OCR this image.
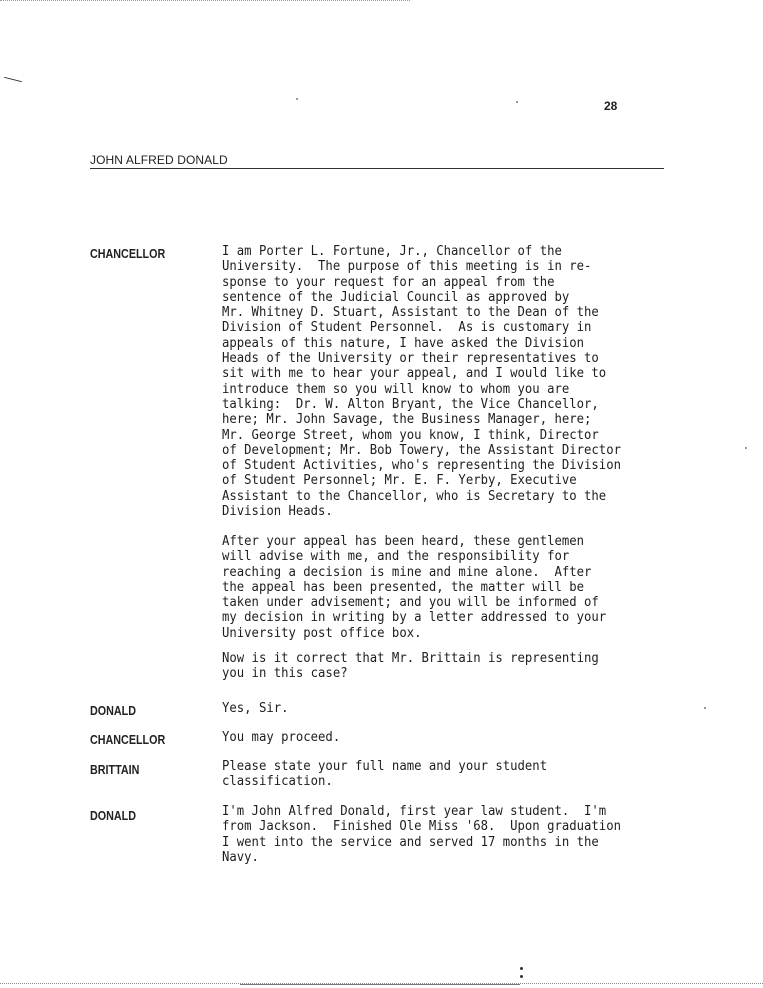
28
JOHN ALFRED DONALD
CHANCELLOR	I am Porter L. Fortune, Jr., Chancellor of the
University.  The purpose of this meeting is in re-
sponse to your request for an appeal from the
sentence of the Judicial Council as approved by
Mr. Whitney D. Stuart, Assistant to the Dean of the
Division of Student Personnel.  As is customary in
appeals of this nature, I have asked the Division
Heads of the University or their representatives to
sit with me to hear your appeal, and I would like to
introduce them so you will know to whom you are
talking:  Dr. W. Alton Bryant, the Vice Chancellor,
here; Mr. John Savage, the Business Manager, here;
Mr. George Street, whom you know, I think, Director
of Development; Mr. Bob Towery, the Assistant Director
of Student Activities, who's representing the Division
of Student Personnel; Mr. E. F. Yerby, Executive
Assistant to the Chancellor, who is Secretary to the
Division Heads.
After your appeal has been heard, these gentlemen
will advise with me, and the responsibility for
reaching a decision is mine and mine alone.  After
the appeal has been presented, the matter will be
taken under advisement; and you will be informed of
my decision in writing by a letter addressed to your
University post office box.
Now is it correct that Mr. Brittain is representing
you in this case?
DONALD	Yes, Sir.
CHANCELLOR	You may proceed.
BRITTAIN	Please state your full name and your student
classification.
DONALD	I'm John Alfred Donald, first year law student.  I'm
from Jackson.  Finished Ole Miss '68.  Upon graduation
I went into the service and served 17 months in the
Navy.
